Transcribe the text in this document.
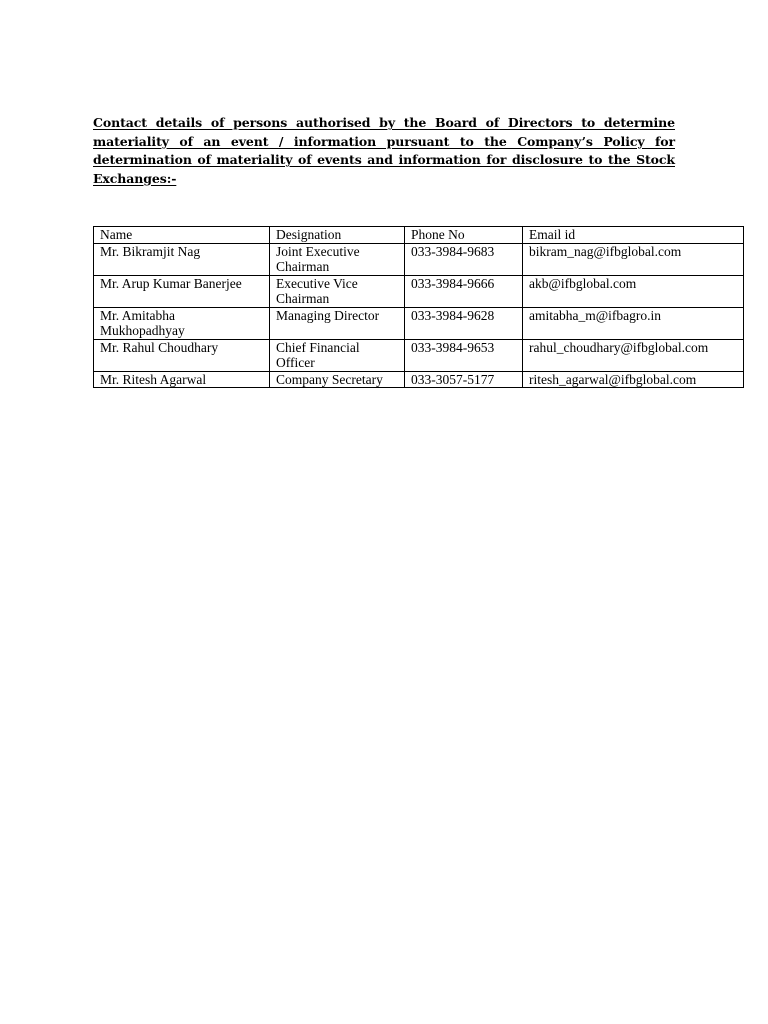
Contact details of persons authorised by the Board of Directors to determine materiality of an event / information pursuant to the Company’s Policy for determination of materiality of events and information for disclosure to the Stock Exchanges:-

Name	Designation	Phone No	Email id
Mr. Bikramjit Nag	Joint Executive Chairman	033-3984-9683	bikram_nag@ifbglobal.com
Mr. Arup Kumar Banerjee	Executive Vice Chairman	033-3984-9666	akb@ifbglobal.com
Mr. Amitabha Mukhopadhyay	Managing Director	033-3984-9628	amitabha_m@ifbagro.in
Mr. Rahul Choudhary	Chief Financial Officer	033-3984-9653	rahul_choudhary@ifbglobal.com
Mr. Ritesh Agarwal	Company Secretary	033-3057-5177	ritesh_agarwal@ifbglobal.com
